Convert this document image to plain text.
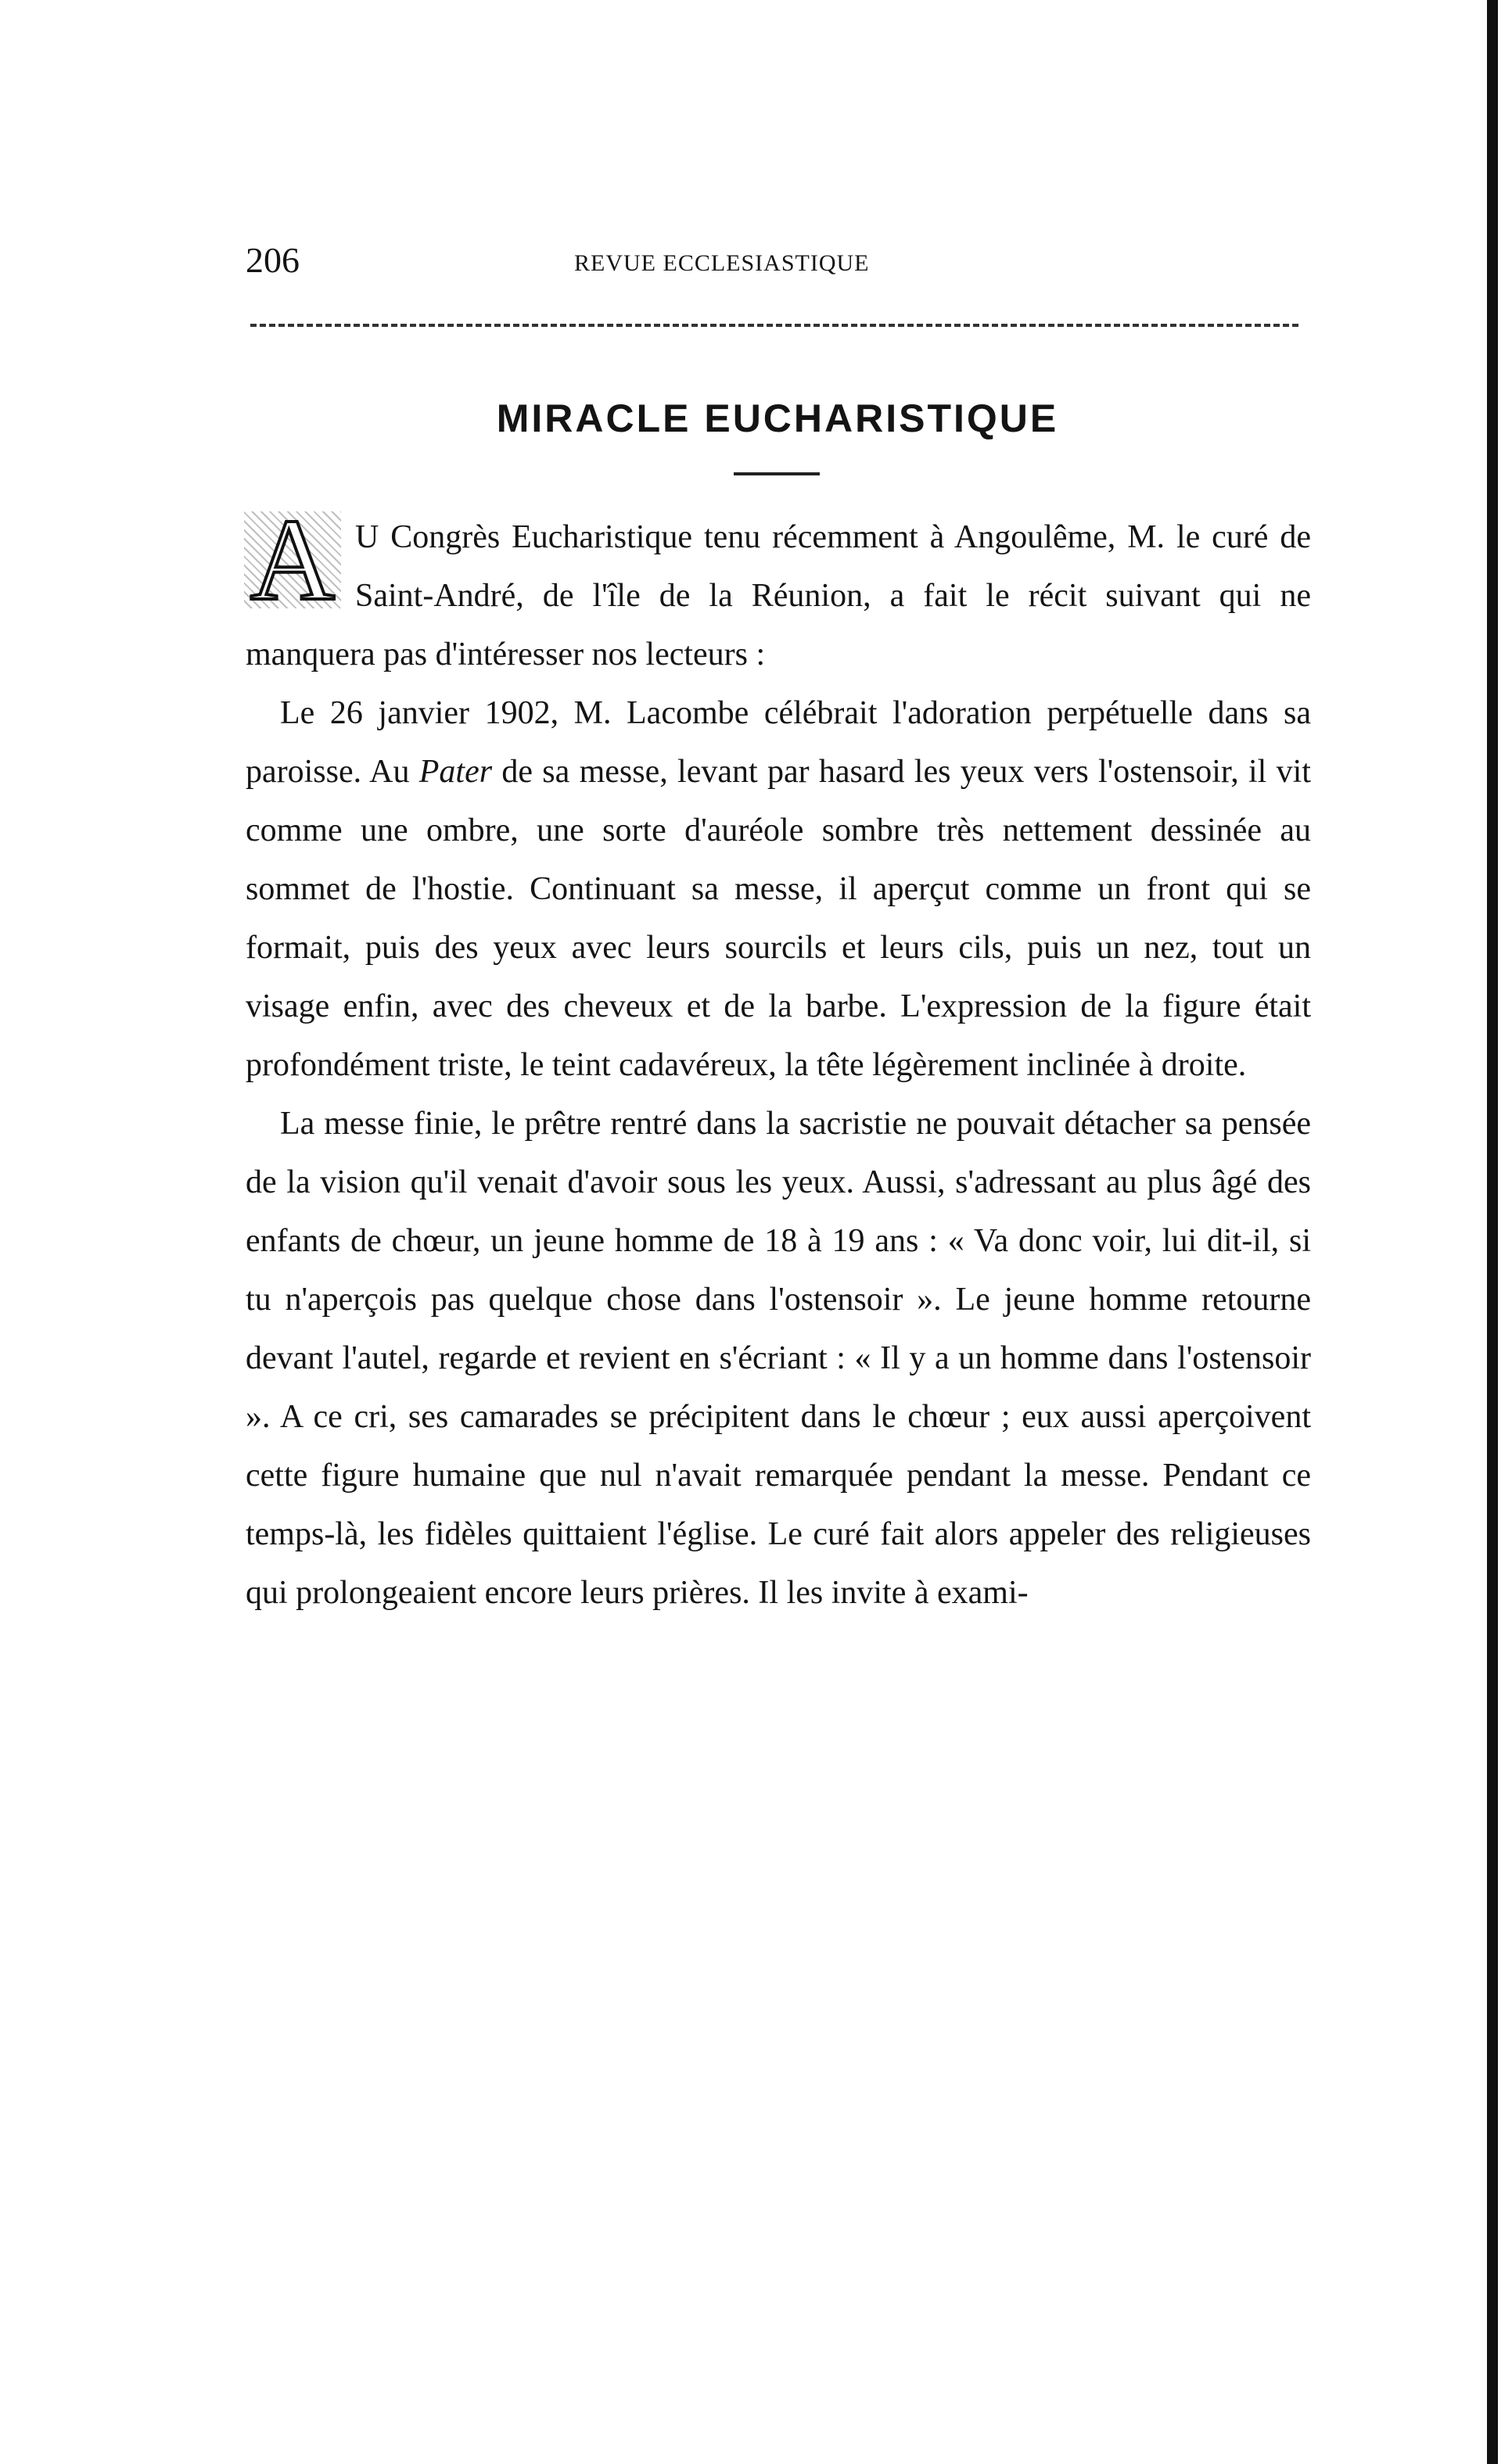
206	REVUE ECCLESIASTIQUE
MIRACLE EUCHARISTIQUE

U Congrès Eucharistique tenu récemment à Angoulême, M. le curé de Saint-André, de l'île de la Réunion, a fait le récit suivant qui ne manquera pas d'intéresser nos lecteurs :

Le 26 janvier 1902, M. Lacombe célébrait l'adoration perpétuelle dans sa paroisse. Au Pater de sa messe, levant par hasard les yeux vers l'ostensoir, il vit comme une ombre, une sorte d'auréole sombre très nettement dessinée au sommet de l'hostie. Continuant sa messe, il aperçut comme un front qui se formait, puis des yeux avec leurs sourcils et leurs cils, puis un nez, tout un visage enfin, avec des cheveux et de la barbe. L'expression de la figure était profondément triste, le teint cadavéreux, la tête légèrement inclinée à droite.

La messe finie, le prêtre rentré dans la sacristie ne pouvait détacher sa pensée de la vision qu'il venait d'avoir sous les yeux. Aussi, s'adressant au plus âgé des enfants de chœur, un jeune homme de 18 à 19 ans : « Va donc voir, lui dit-il, si tu n'aperçois pas quelque chose dans l'ostensoir ». Le jeune homme retourne devant l'autel, regarde et revient en s'écriant : « Il y a un homme dans l'ostensoir ». A ce cri, ses camarades se précipitent dans le chœur ; eux aussi aperçoivent cette figure humaine que nul n'avait remarquée pendant la messe. Pendant ce temps-là, les fidèles quittaient l'église. Le curé fait alors appeler des religieuses qui prolongeaient encore leurs prières. Il les invite à exami-

A
